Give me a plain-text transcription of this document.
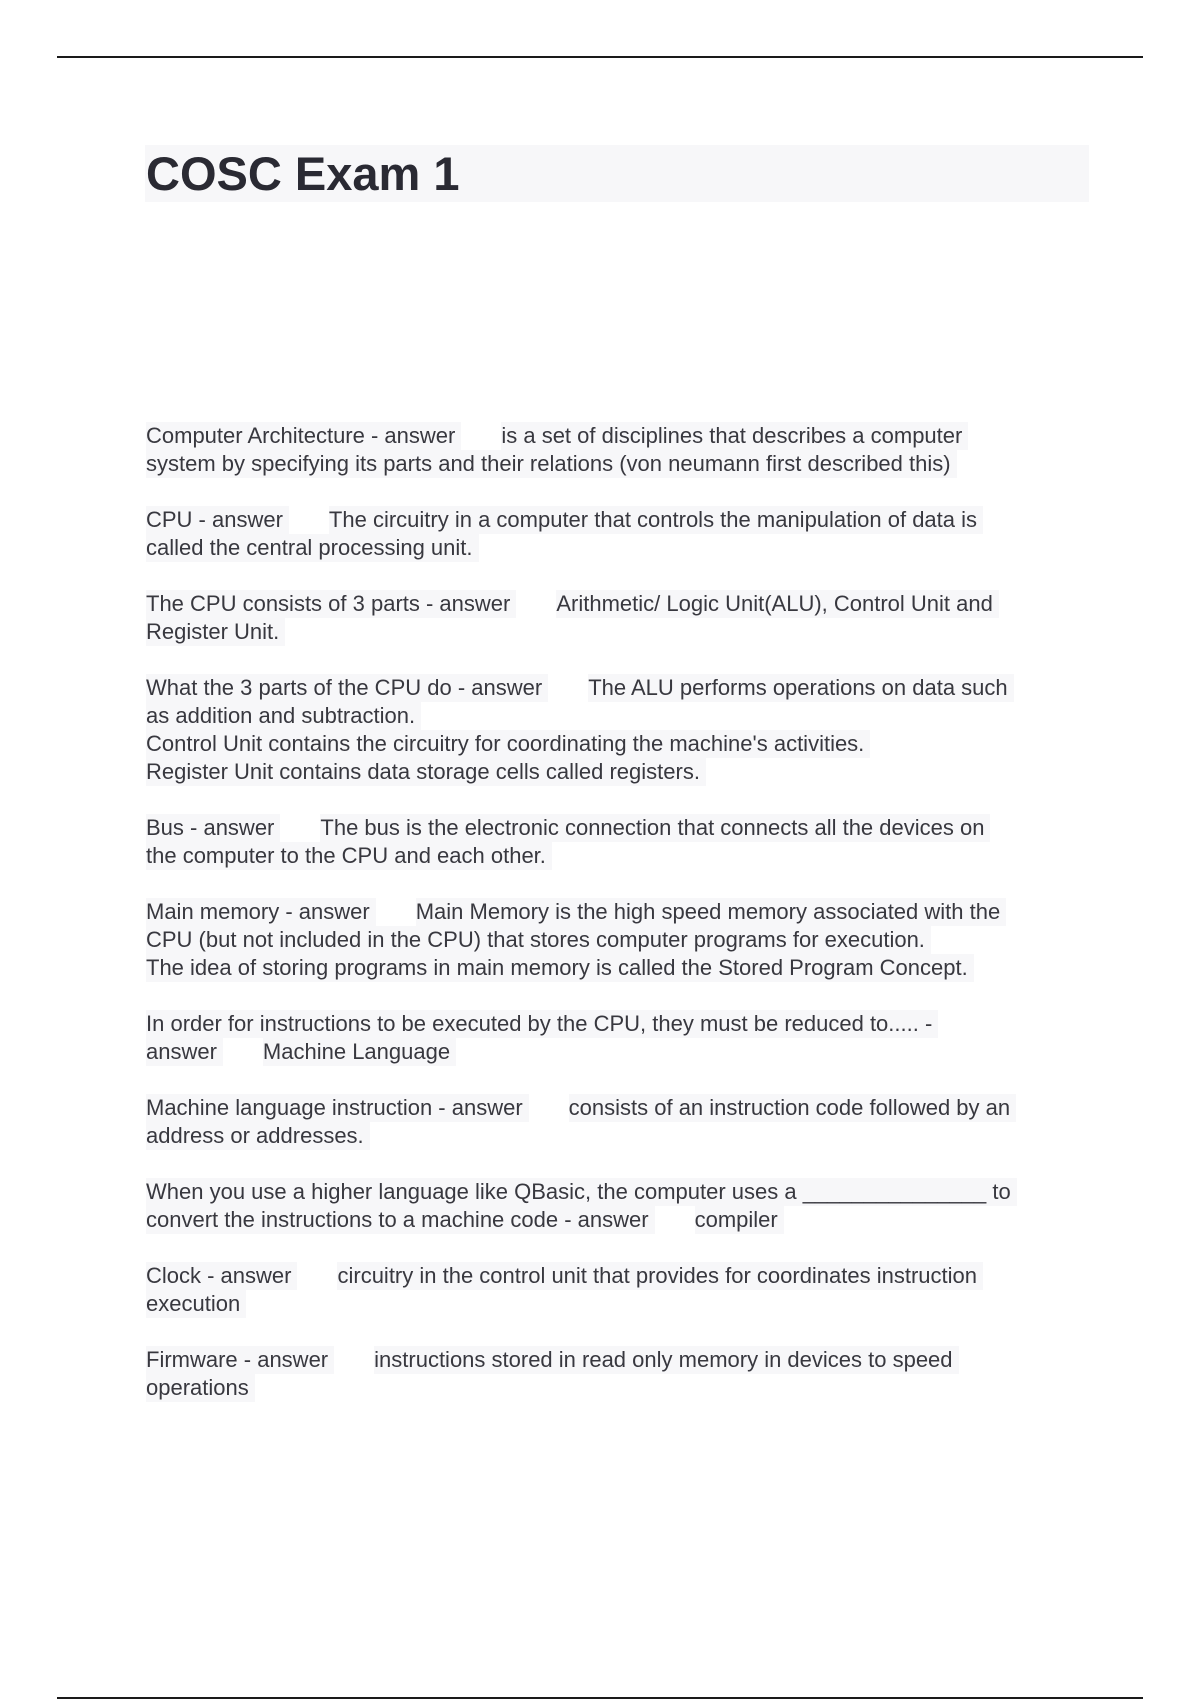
COSC Exam 1
Computer Architecture - answer is a set of disciplines that describes a computer
system by specifying its parts and their relations (von neumann first described this)
CPU - answer The circuitry in a computer that controls the manipulation of data is
called the central processing unit.
The CPU consists of 3 parts - answer Arithmetic/ Logic Unit(ALU), Control Unit and
Register Unit.
What the 3 parts of the CPU do - answer The ALU performs operations on data such
as addition and subtraction.
Control Unit contains the circuitry for coordinating the machine's activities.
Register Unit contains data storage cells called registers.
Bus - answer The bus is the electronic connection that connects all the devices on
the computer to the CPU and each other.
Main memory - answer Main Memory is the high speed memory associated with the
CPU (but not included in the CPU) that stores computer programs for execution.
The idea of storing programs in main memory is called the Stored Program Concept.
In order for instructions to be executed by the CPU, they must be reduced to..... -
answer Machine Language
Machine language instruction - answer consists of an instruction code followed by an
address or addresses.
When you use a higher language like QBasic, the computer uses a _______________ to
convert the instructions to a machine code - answer compiler
Clock - answer circuitry in the control unit that provides for coordinates instruction
execution
Firmware - answer instructions stored in read only memory in devices to speed
operations
